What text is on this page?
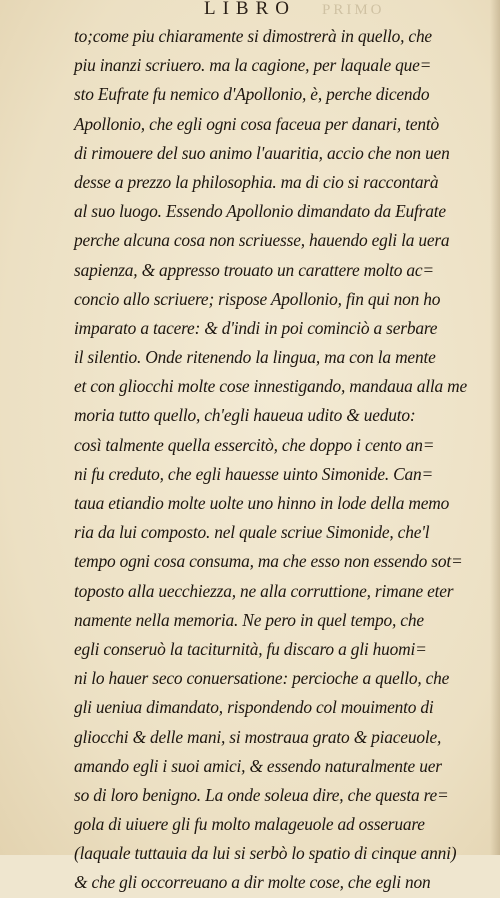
PRIMO
LIBRO
to;come piu chiaramente si dimostrerà in quello, che
piu inanzi scriuero. ma la cagione, per laquale que=
sto Eufrate fu nemico d'Apollonio, è, perche dicendo
Apollonio, che egli ogni cosa faceua per danari, tentò
di rimouere del suo animo l'auaritia, accio che non uen
desse a prezzo la philosophia. ma di cio si raccontarà
al suo luogo. Essendo Apollonio dimandato da Eufrate
perche alcuna cosa non scriuesse, hauendo egli la uera
sapienza, & appresso trouato un carattere molto ac=
concio allo scriuere; rispose Apollonio, fin qui non ho
imparato a tacere: & d'indi in poi cominciò a serbare
il silentio. Onde ritenendo la lingua, ma con la mente
et con gliocchi molte cose innestigando, mandaua alla me
moria tutto quello, ch'egli haueua udito & ueduto:
così talmente quella essercitò, che doppo i cento an=
ni fu creduto, che egli hauesse uinto Simonide. Can=
taua etiandio molte uolte uno hinno in lode della memo
ria da lui composto. nel quale scriue Simonide, che'l
tempo ogni cosa consuma, ma che esso non essendo sot=
toposto alla uecchiezza, ne alla corruttione, rimane eter
namente nella memoria. Ne pero in quel tempo, che
egli conseruò la taciturnità, fu discaro a gli huomi=
ni lo hauer seco conuersatione: percioche a quello, che
gli ueniua dimandato, rispondendo col mouimento di
gliocchi & delle mani, si mostraua grato & piaceuole,
amando egli i suoi amici, & essendo naturalmente uer
so di loro benigno. La onde soleua dire, che questa re=
gola di uiuere gli fu molto malageuole ad osseruare
(laquale tuttauia da lui si serbò lo spatio di cinque anni)
& che gli occorreuano a dir molte cose, che egli non
